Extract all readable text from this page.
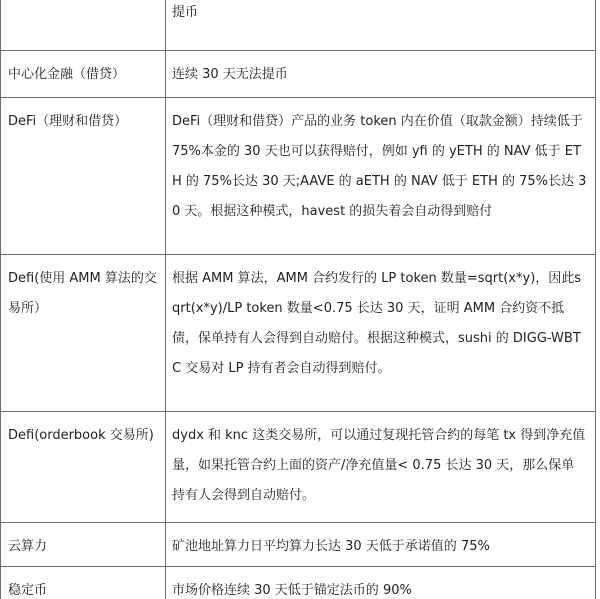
	提币
中心化金融（借贷）	连续 30 天无法提币
DeFi（理财和借贷）	DeFi（理财和借贷）产品的业务 token 内在价值（取款金额）持续低于 75%本金的 30 天也可以获得赔付，例如 yfi 的 yETH 的 NAV 低于 ETH 的 75%长达 30 天;AAVE 的 aETH 的 NAV 低于 ETH 的 75%长达 30 天。根据这种模式，havest 的损失着会自动得到赔付
Defi(使用 AMM 算法的交易所）	根据 AMM 算法，AMM 合约发行的 LP token 数量=sqrt(x*y)，因此sqrt(x*y)/LP token 数量<0.75 长达 30 天，证明 AMM 合约资不抵债，保单持有人会得到自动赔付。根据这种模式，sushi 的 DIGG-WBTC 交易对 LP 持有者会自动得到赔付。
Defi(orderbook 交易所)	dydx 和 knc 这类交易所，可以通过复现托管合约的每笔 tx 得到净充值量，如果托管合约上面的资产/净充值量< 0.75 长达 30 天，那么保单持有人会得到自动赔付。
云算力	矿池地址算力日平均算力长达 30 天低于承诺值的 75%
稳定币	市场价格连续 30 天低于锚定法币的 90%
